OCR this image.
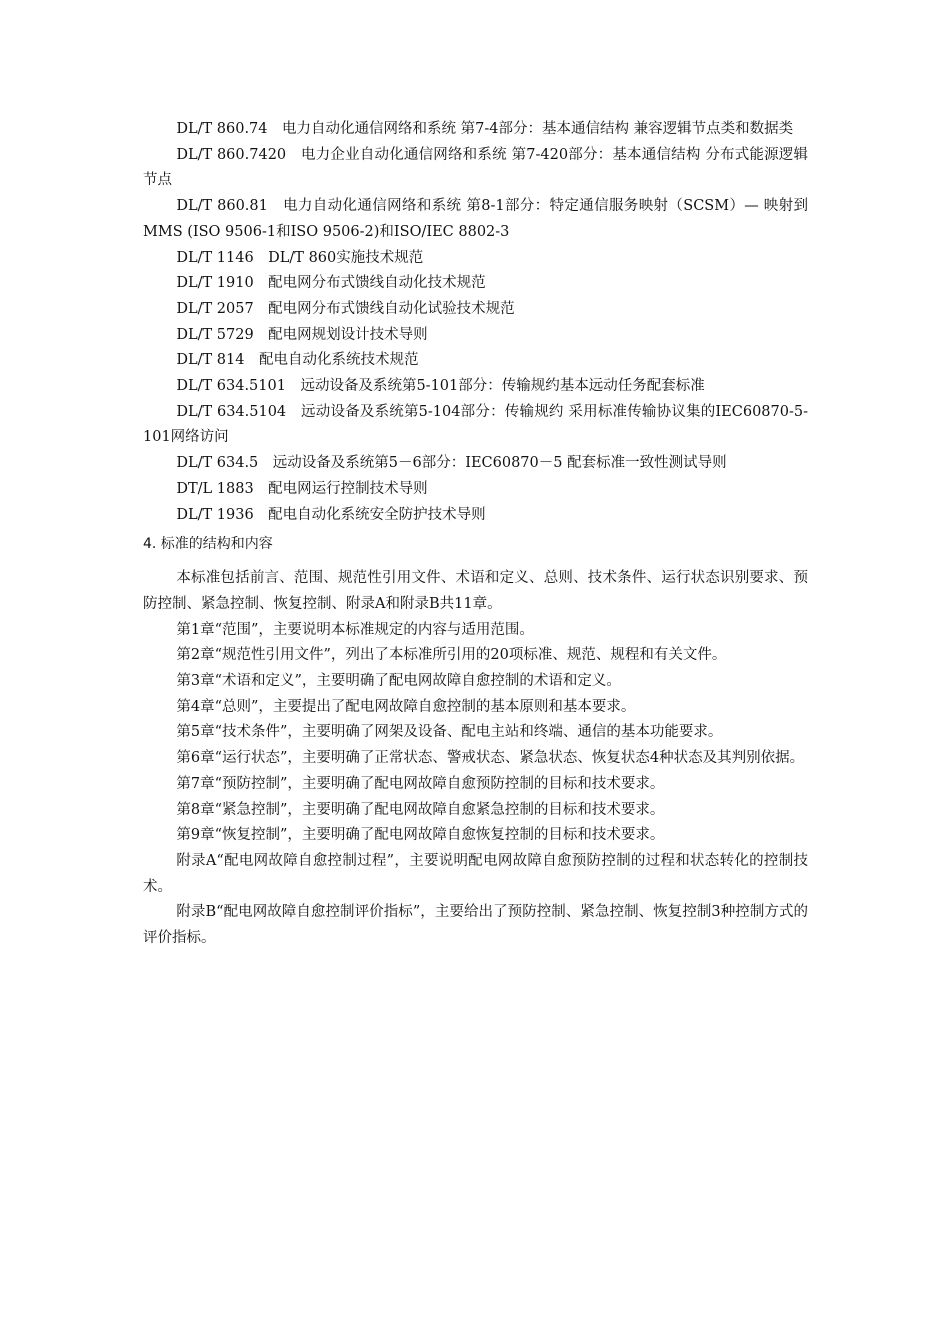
DL/T 860.74　电力自动化通信网络和系统 第7-4部分：基本通信结构 兼容逻辑节点类和数据类
DL/T 860.7420　电力企业自动化通信网络和系统 第7-420部分：基本通信结构 分布式能源逻辑节点
DL/T 860.81　电力自动化通信网络和系统 第8-1部分：特定通信服务映射（SCSM）— 映射到MMS (ISO 9506-1和ISO 9506-2)和ISO/IEC 8802-3
DL/T 1146　DL/T 860实施技术规范
DL/T 1910　配电网分布式馈线自动化技术规范
DL/T 2057　配电网分布式馈线自动化试验技术规范
DL/T 5729　配电网规划设计技术导则
DL/T 814　配电自动化系统技术规范
DL/T 634.5101　远动设备及系统第5-101部分：传输规约基本远动任务配套标准
DL/T 634.5104　远动设备及系统第5-104部分：传输规约 采用标准传输协议集的IEC60870-5-101网络访问
DL/T 634.5　远动设备及系统第5－6部分：IEC60870－5 配套标准一致性测试导则
DT/L 1883　配电网运行控制技术导则
DL/T 1936　配电自动化系统安全防护技术导则
4. 标准的结构和内容
本标准包括前言、范围、规范性引用文件、术语和定义、总则、技术条件、运行状态识别要求、预防控制、紧急控制、恢复控制、附录A和附录B共11章。
第1章“范围”，主要说明本标准规定的内容与适用范围。
第2章“规范性引用文件”，列出了本标准所引用的20项标准、规范、规程和有关文件。
第3章“术语和定义”，主要明确了配电网故障自愈控制的术语和定义。
第4章“总则”，主要提出了配电网故障自愈控制的基本原则和基本要求。
第5章“技术条件”，主要明确了网架及设备、配电主站和终端、通信的基本功能要求。
第6章“运行状态”，主要明确了正常状态、警戒状态、紧急状态、恢复状态4种状态及其判别依据。
第7章“预防控制”，主要明确了配电网故障自愈预防控制的目标和技术要求。
第8章“紧急控制”，主要明确了配电网故障自愈紧急控制的目标和技术要求。
第9章“恢复控制”，主要明确了配电网故障自愈恢复控制的目标和技术要求。
附录A“配电网故障自愈控制过程”，主要说明配电网故障自愈预防控制的过程和状态转化的控制技术。
附录B“配电网故障自愈控制评价指标”，主要给出了预防控制、紧急控制、恢复控制3种控制方式的评价指标。
